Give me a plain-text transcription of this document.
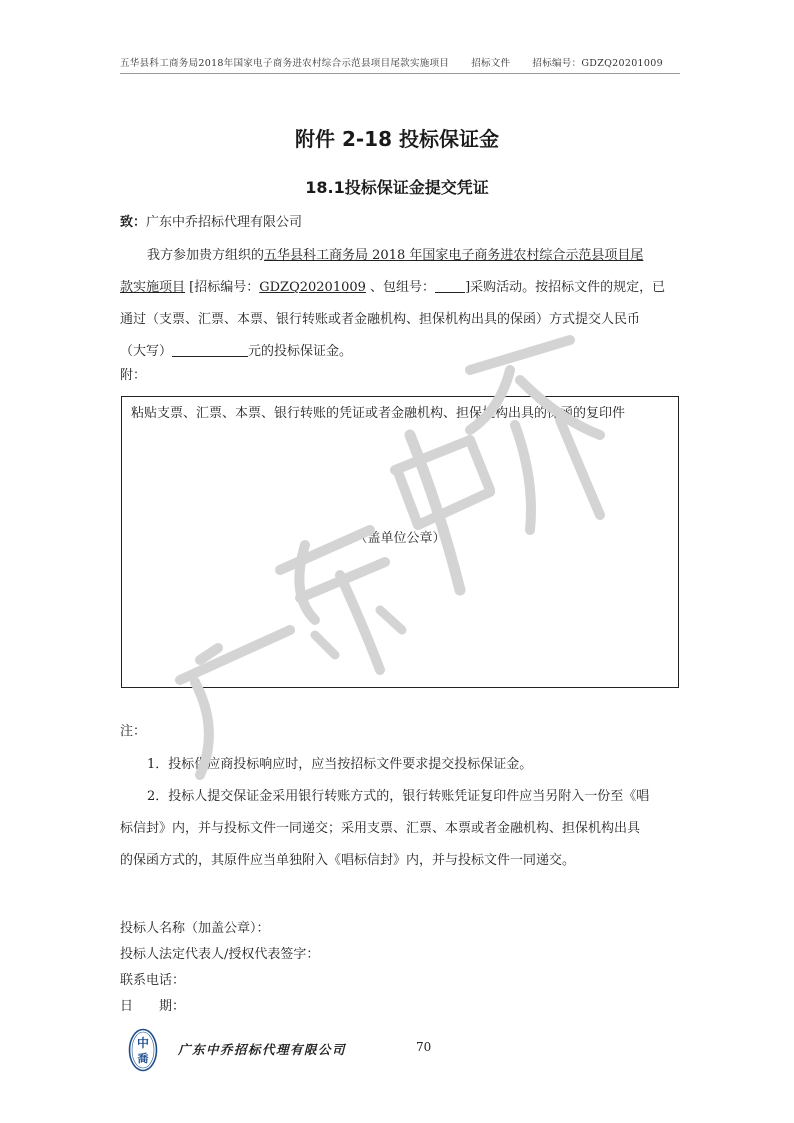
五华县科工商务局2018年国家电子商务进农村综合示范县项目尾款实施项目 招标文件 招标编号：GDZQ20201009
附件 2-18 投标保证金
18.1投标保证金提交凭证
致：广东中乔招标代理有限公司
我方参加贵方组织的五华县科工商务局 2018 年国家电子商务进农村综合示范县项目尾
款实施项目 [招标编号：GDZQ20201009 、包组号： ]采购活动。按招标文件的规定，已
通过（支票、汇票、本票、银行转账或者金融机构、担保机构出具的保函）方式提交人民币
（大写）	元的投标保证金。
附：
粘贴支票、汇票、本票、银行转账的凭证或者金融机构、担保机构出具的保函的复印件
（盖单位公章）
注：
1．投标供应商投标响应时，应当按招标文件要求提交投标保证金。
2．投标人提交保证金采用银行转账方式的，银行转账凭证复印件应当另附入一份至《唱
标信封》内，并与投标文件一同递交；采用支票、汇票、本票或者金融机构、担保机构出具
的保函方式的，其原件应当单独附入《唱标信封》内，并与投标文件一同递交。
投标人名称（加盖公章）：
投标人法定代表人/授权代表签字：
联系电话：
日　　期：
中
喬
广东中乔招标代理有限公司	70
